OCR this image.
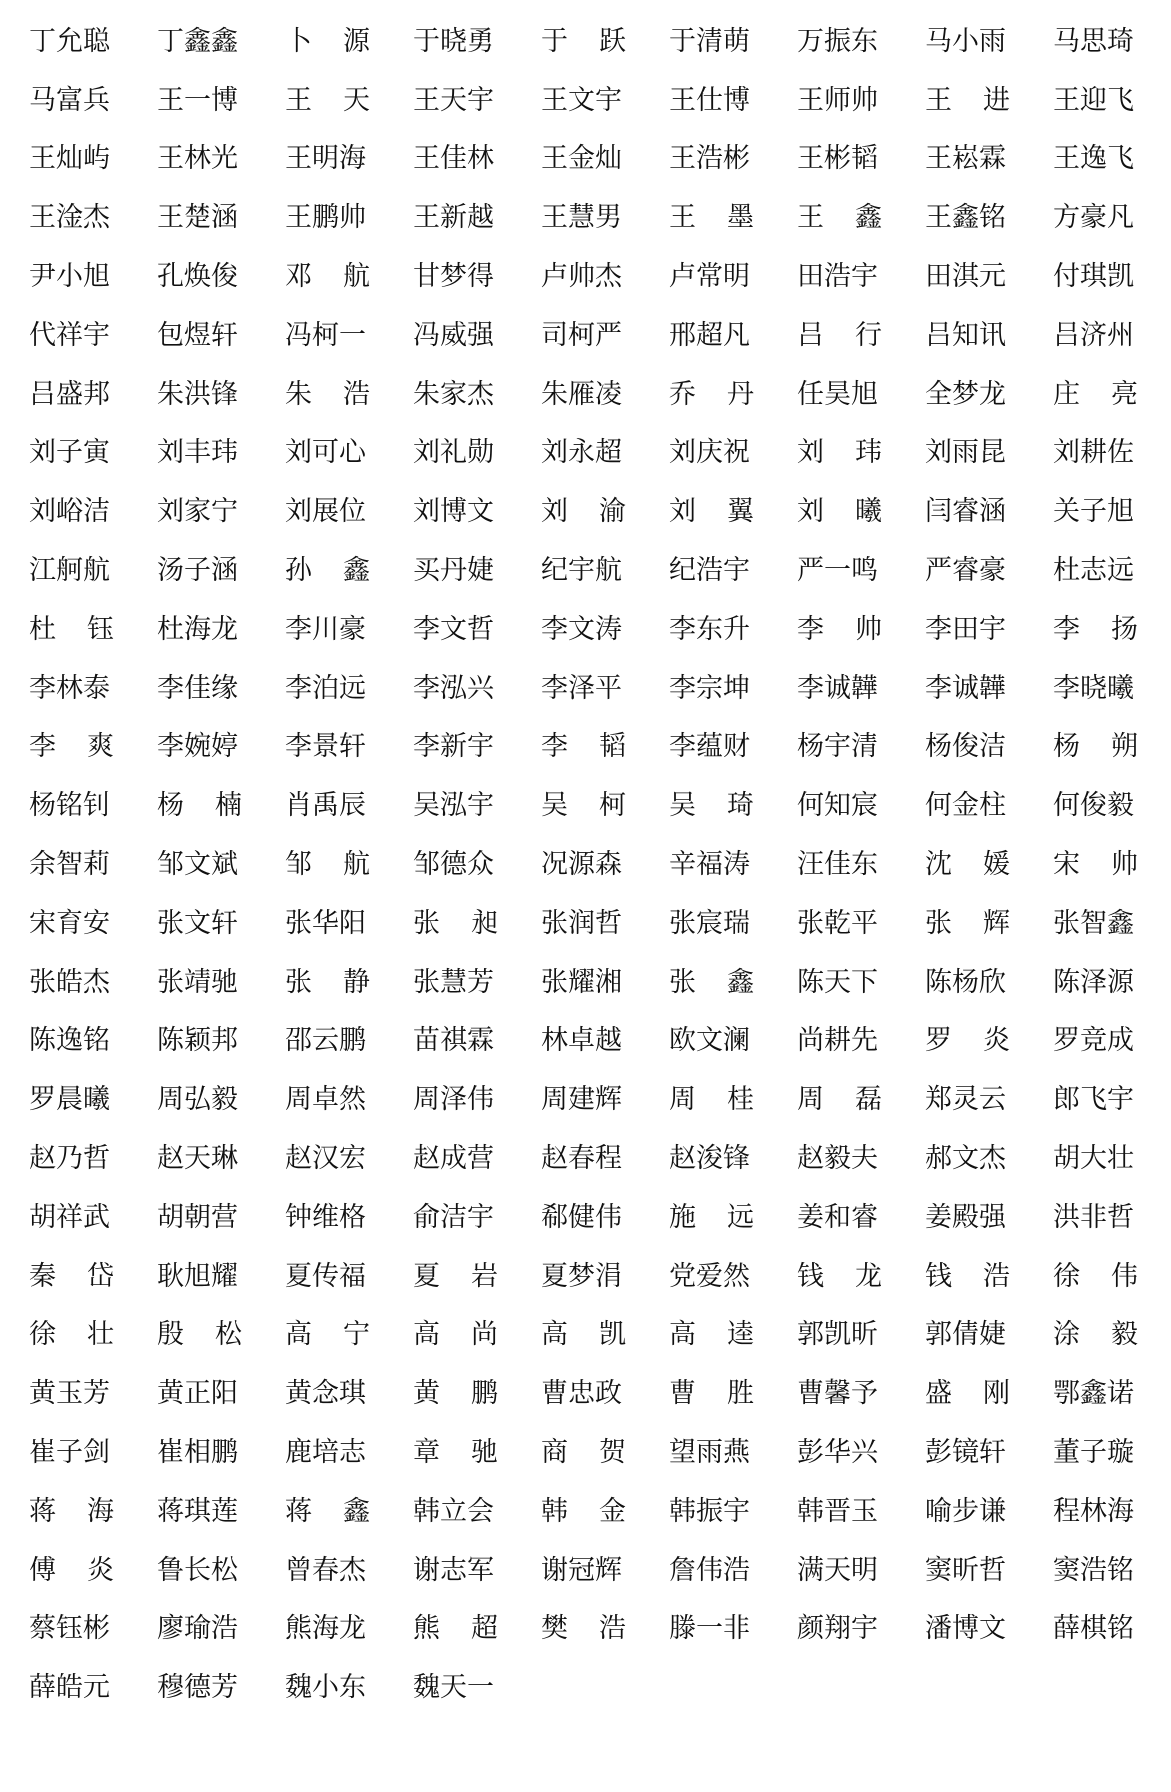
丁允聪 丁鑫鑫 卜 源 于晓勇 于 跃 于清萌 万振东 马小雨 马思琦
马富兵 王一博 王 天 王天宇 王文宇 王仕博 王师帅 王 进 王迎飞
王灿屿 王林光 王明海 王佳林 王金灿 王浩彬 王彬韬 王崧霖 王逸飞
王淦杰 王楚涵 王鹏帅 王新越 王慧男 王 墨 王 鑫 王鑫铭 方豪凡
尹小旭 孔焕俊 邓 航 甘梦得 卢帅杰 卢常明 田浩宇 田淇元 付琪凯
代祥宇 包煜轩 冯柯一 冯威强 司柯严 邢超凡 吕 行 吕知讯 吕济州
吕盛邦 朱洪锋 朱 浩 朱家杰 朱雁凌 乔 丹 任昊旭 全梦龙 庄 亮
刘子寅 刘丰玮 刘可心 刘礼勋 刘永超 刘庆祝 刘 玮 刘雨昆 刘耕佐
刘峪洁 刘家宁 刘展位 刘博文 刘 渝 刘 翼 刘 曦 闫睿涵 关子旭
江舸航 汤子涵 孙 鑫 买丹婕 纪宇航 纪浩宇 严一鸣 严睿豪 杜志远
杜 钰 杜海龙 李川豪 李文哲 李文涛 李东升 李 帅 李田宇 李 扬
李林泰 李佳缘 李泊远 李泓兴 李泽平 李宗坤 李诚韡 李诚韡 李晓曦
李 爽 李婉婷 李景轩 李新宇 李 韬 李蕴财 杨宇清 杨俊洁 杨 朔
杨铭钊 杨 楠 肖禹辰 吴泓宇 吴 柯 吴 琦 何知宸 何金柱 何俊毅
余智莉 邹文斌 邹 航 邹德众 况源森 辛福涛 汪佳东 沈 媛 宋 帅
宋育安 张文轩 张华阳 张 昶 张润哲 张宸瑞 张乾平 张 辉 张智鑫
张皓杰 张靖驰 张 静 张慧芳 张耀湘 张 鑫 陈天下 陈杨欣 陈泽源
陈逸铭 陈颖邦 邵云鹏 苗祺霖 林卓越 欧文澜 尚耕先 罗 炎 罗竞成
罗晨曦 周弘毅 周卓然 周泽伟 周建辉 周 桂 周 磊 郑灵云 郎飞宇
赵乃哲 赵天琳 赵汉宏 赵成营 赵春程 赵浚锋 赵毅夫 郝文杰 胡大壮
胡祥武 胡朝营 钟维格 俞洁宇 郗健伟 施 远 姜和睿 姜殿强 洪非哲
秦 岱 耿旭耀 夏传福 夏 岩 夏梦涓 党爱然 钱 龙 钱 浩 徐 伟
徐 壮 殷 松 高 宁 高 尚 高 凯 高 逵 郭凯昕 郭倩婕 涂 毅
黄玉芳 黄正阳 黄念琪 黄 鹏 曹忠政 曹 胜 曹馨予 盛 刚 鄂鑫诺
崔子剑 崔相鹏 鹿培志 章 驰 商 贺 望雨燕 彭华兴 彭镜轩 董子璇
蒋 海 蒋琪莲 蒋 鑫 韩立会 韩 金 韩振宇 韩晋玉 喻步谦 程林海
傅 炎 鲁长松 曾春杰 谢志军 谢冠辉 詹伟浩 满天明 窦昕哲 窦浩铭
蔡钰彬 廖瑜浩 熊海龙 熊 超 樊 浩 滕一非 颜翔宇 潘博文 薛棋铭
薛皓元 穆德芳 魏小东 魏天一
